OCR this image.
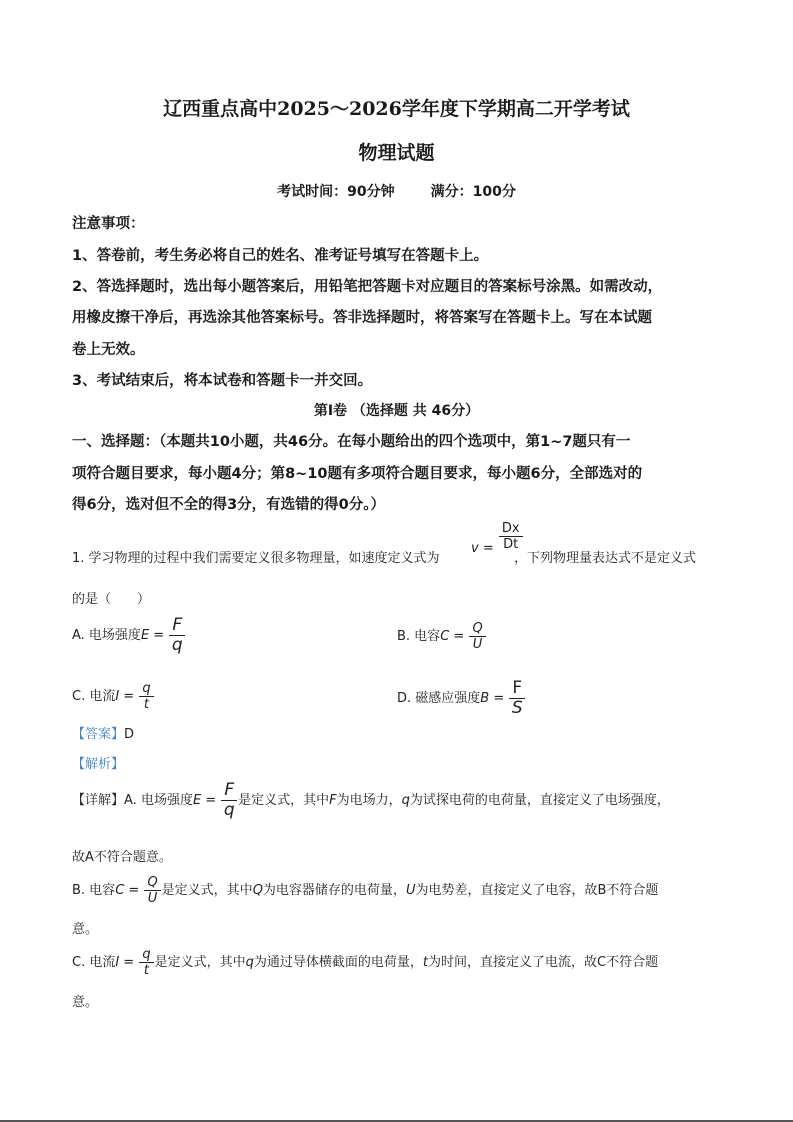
辽西重点高中2025～2026学年度下学期高二开学考试
物理试题
考试时间：90分钟	满分：100分
注意事项：
1、答卷前，考生务必将自己的姓名、准考证号填写在答题卡上。
2、答选择题时，选出每小题答案后，用铅笔把答题卡对应题目的答案标号涂黑。如需改动，
用橡皮擦干净后，再选涂其他答案标号。答非选择题时，将答案写在答题卡上。写在本试题
卷上无效。
3、考试结束后，将本试卷和答题卡一并交回。
第Ⅰ卷 （选择题 共 46分）
一、选择题：（本题共10小题，共46分。在每小题给出的四个选项中，第1~7题只有一
项符合题目要求，每小题4分；第8~10题有多项符合题目要求，每小题6分，全部选对的
得6分，选对但不全的得3分，有选错的得0分。）
1. 学习物理的过程中我们需要定义很多物理量，如速度定义式为
$v = \frac{Dx}{Dt}$
，下列物理量表达式不是定义式
的是（　　）
A. 电场强度$E = \frac{F}{q}$	B. 电容$C = \frac{Q}{U}$
C. 电流$I = \frac{q}{t}$	D. 磁感应强度$B = \frac{F}{S}$
【答案】D
【解析】
【详解】A. 电场强度$E = \frac{F}{q}$ 是定义式，其中F为电场力，q为试探电荷的电荷量，直接定义了电场强度，
故A不符合题意。
B. 电容$C = \frac{Q}{U}$ 是定义式，其中Q为电容器储存的电荷量，U为电势差，直接定义了电容，故B不符合题
意。
C. 电流$I = \frac{q}{t}$ 是定义式，其中q为通过导体横截面的电荷量，t为时间，直接定义了电流，故C不符合题
意。
